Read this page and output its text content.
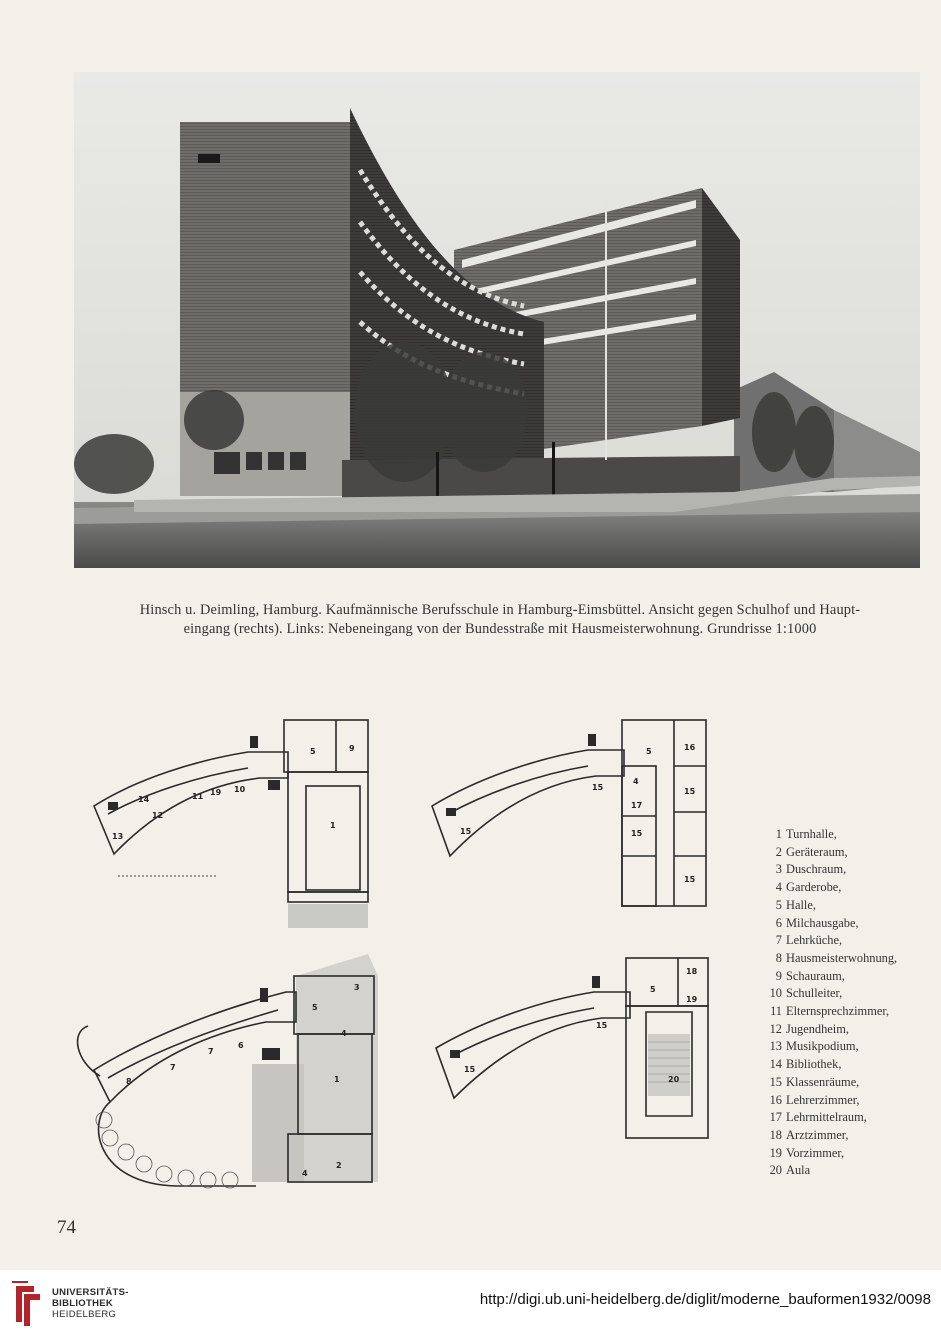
Hinsch u. Deimling, Hamburg. Kaufmännische Berufsschule in Hamburg-Eimsbüttel. Ansicht gegen Schulhof und Haupt-
eingang (rechts). Links: Nebeneingang von der Bundesstraße mit Hausmeisterwohnung. Grundrisse 1:1000

5	9
14
12
13
11 19 10
1
5	16
15
4
15
17
15
15
15
3
5
4
6
7
7
8	1
4
2
18
5
19
15
15
20
1 Turnhalle,
2 Geräteraum,
3 Duschraum,
4 Garderobe,
5 Halle,
6 Milchausgabe,
7 Lehrküche,
8 Hausmeisterwohnung,
9 Schauraum,
10 Schulleiter,
11 Elternsprechzimmer,
12 Jugendheim,
13 Musikpodium,
14 Bibliothek,
15 Klassenräume,
16 Lehrerzimmer,
17 Lehrmittelraum,
18 Arztzimmer,
19 Vorzimmer,
20 Aula
74
UNIVERSITÄTS-
BIBLIOTHEK
HEIDELBERG
http://digi.ub.uni-heidelberg.de/diglit/moderne_bauformen1932/0098
